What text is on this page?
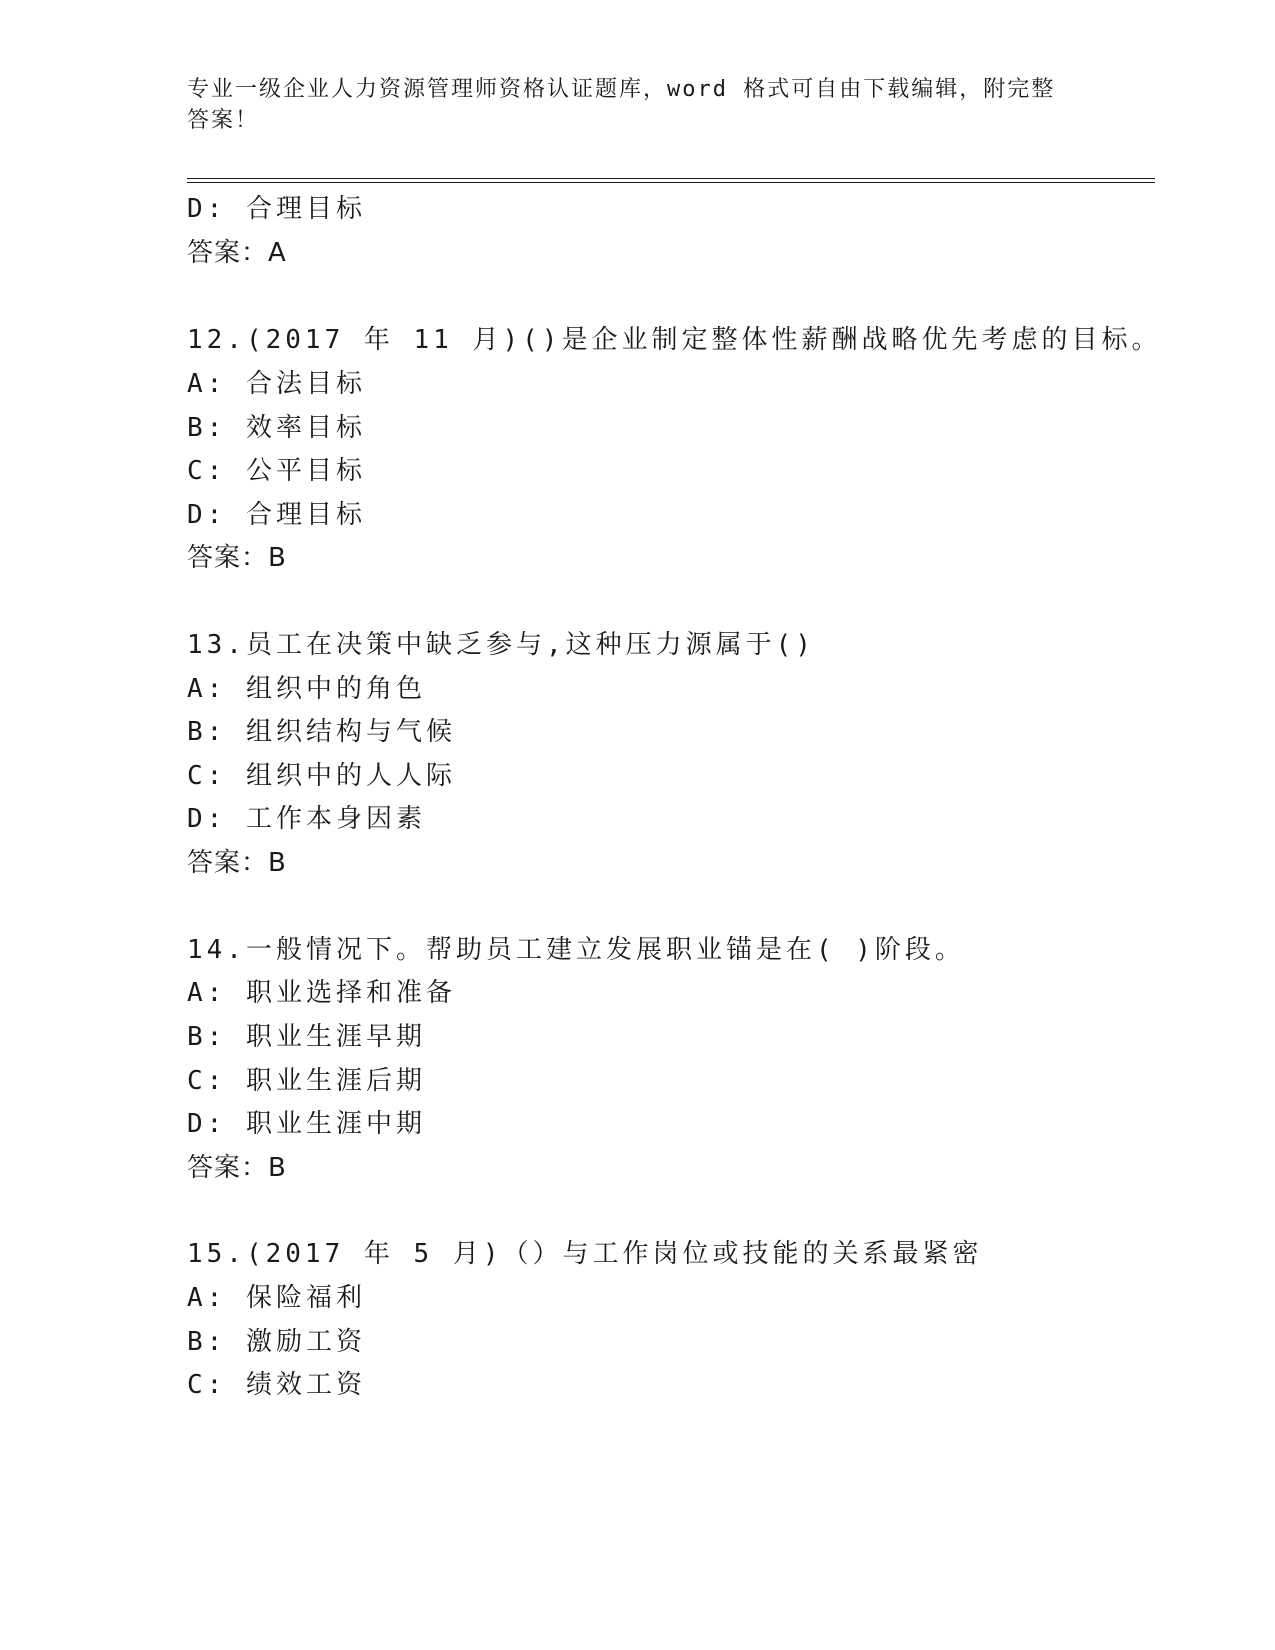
专业一级企业人力资源管理师资格认证题库，word 格式可自由下载编辑，附完整
答案！
D: 合理目标
答案：A
12.(2017 年 11 月)()是企业制定整体性薪酬战略优先考虑的目标。
A: 合法目标
B: 效率目标
C: 公平目标
D: 合理目标
答案：B
13.员工在决策中缺乏参与,这种压力源属于()
A: 组织中的角色
B: 组织结构与气候
C: 组织中的人人际
D: 工作本身因素
答案：B
14.一般情况下。帮助员工建立发展职业锚是在( )阶段。
A: 职业选择和准备
B: 职业生涯早期
C: 职业生涯后期
D: 职业生涯中期
答案：B
15.(2017 年 5 月)（）与工作岗位或技能的关系最紧密
A: 保险福利
B: 激励工资
C: 绩效工资
